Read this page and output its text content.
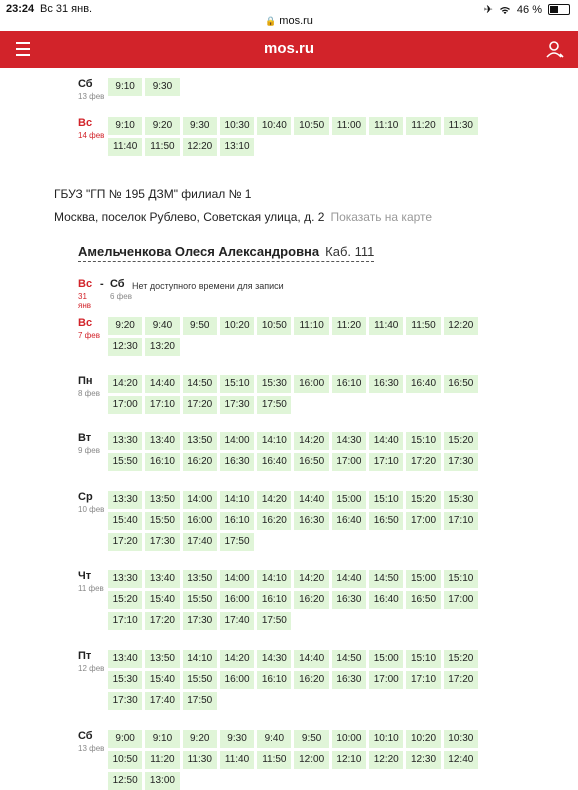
23:24 Вс 31 янв.
🔒 mos.ru
✈ 46 %
mos.ru
Сб
13 фев
9:10	9:30
Вс
14 фев
9:10	9:20	9:30	10:30	10:40	10:50	11:00	11:10	11:20	11:30
11:40	11:50	12:20	13:10
ГБУЗ "ГП № 195 ДЗМ" филиал № 1
Москва, поселок Рублево, Советская улица, д. 2 Показать на карте
Амельченкова Олеся Александровна Каб. 111
Вс
31 янв
- Сб
6 фев
Нет доступного времени для записи
Вс
7 фев
9:20	9:40	9:50	10:20	10:50	11:10	11:20	11:40	11:50	12:20
12:30	13:20
Пн
8 фев
14:20	14:40	14:50	15:10	15:30	16:00	16:10	16:30	16:40	16:50
17:00	17:10	17:20	17:30	17:50
Вт
9 фев
13:30	13:40	13:50	14:00	14:10	14:20	14:30	14:40	15:10	15:20
15:50	16:10	16:20	16:30	16:40	16:50	17:00	17:10	17:20	17:30
Ср
10 фев
13:30	13:50	14:00	14:10	14:20	14:40	15:00	15:10	15:20	15:30
15:40	15:50	16:00	16:10	16:20	16:30	16:40	16:50	17:00	17:10
17:20	17:30	17:40	17:50
Чт
11 фев
13:30	13:40	13:50	14:00	14:10	14:20	14:40	14:50	15:00	15:10
15:20	15:40	15:50	16:00	16:10	16:20	16:30	16:40	16:50	17:00
17:10	17:20	17:30	17:40	17:50
Пт
12 фев
13:40	13:50	14:10	14:20	14:30	14:40	14:50	15:00	15:10	15:20
15:30	15:40	15:50	16:00	16:10	16:20	16:30	17:00	17:10	17:20
17:30	17:40	17:50
Сб
13 фев
9:00	9:10	9:20	9:30	9:40	9:50	10:00	10:10	10:20	10:30
10:50	11:20	11:30	11:40	11:50	12:00	12:10	12:20	12:30	12:40
12:50	13:00
